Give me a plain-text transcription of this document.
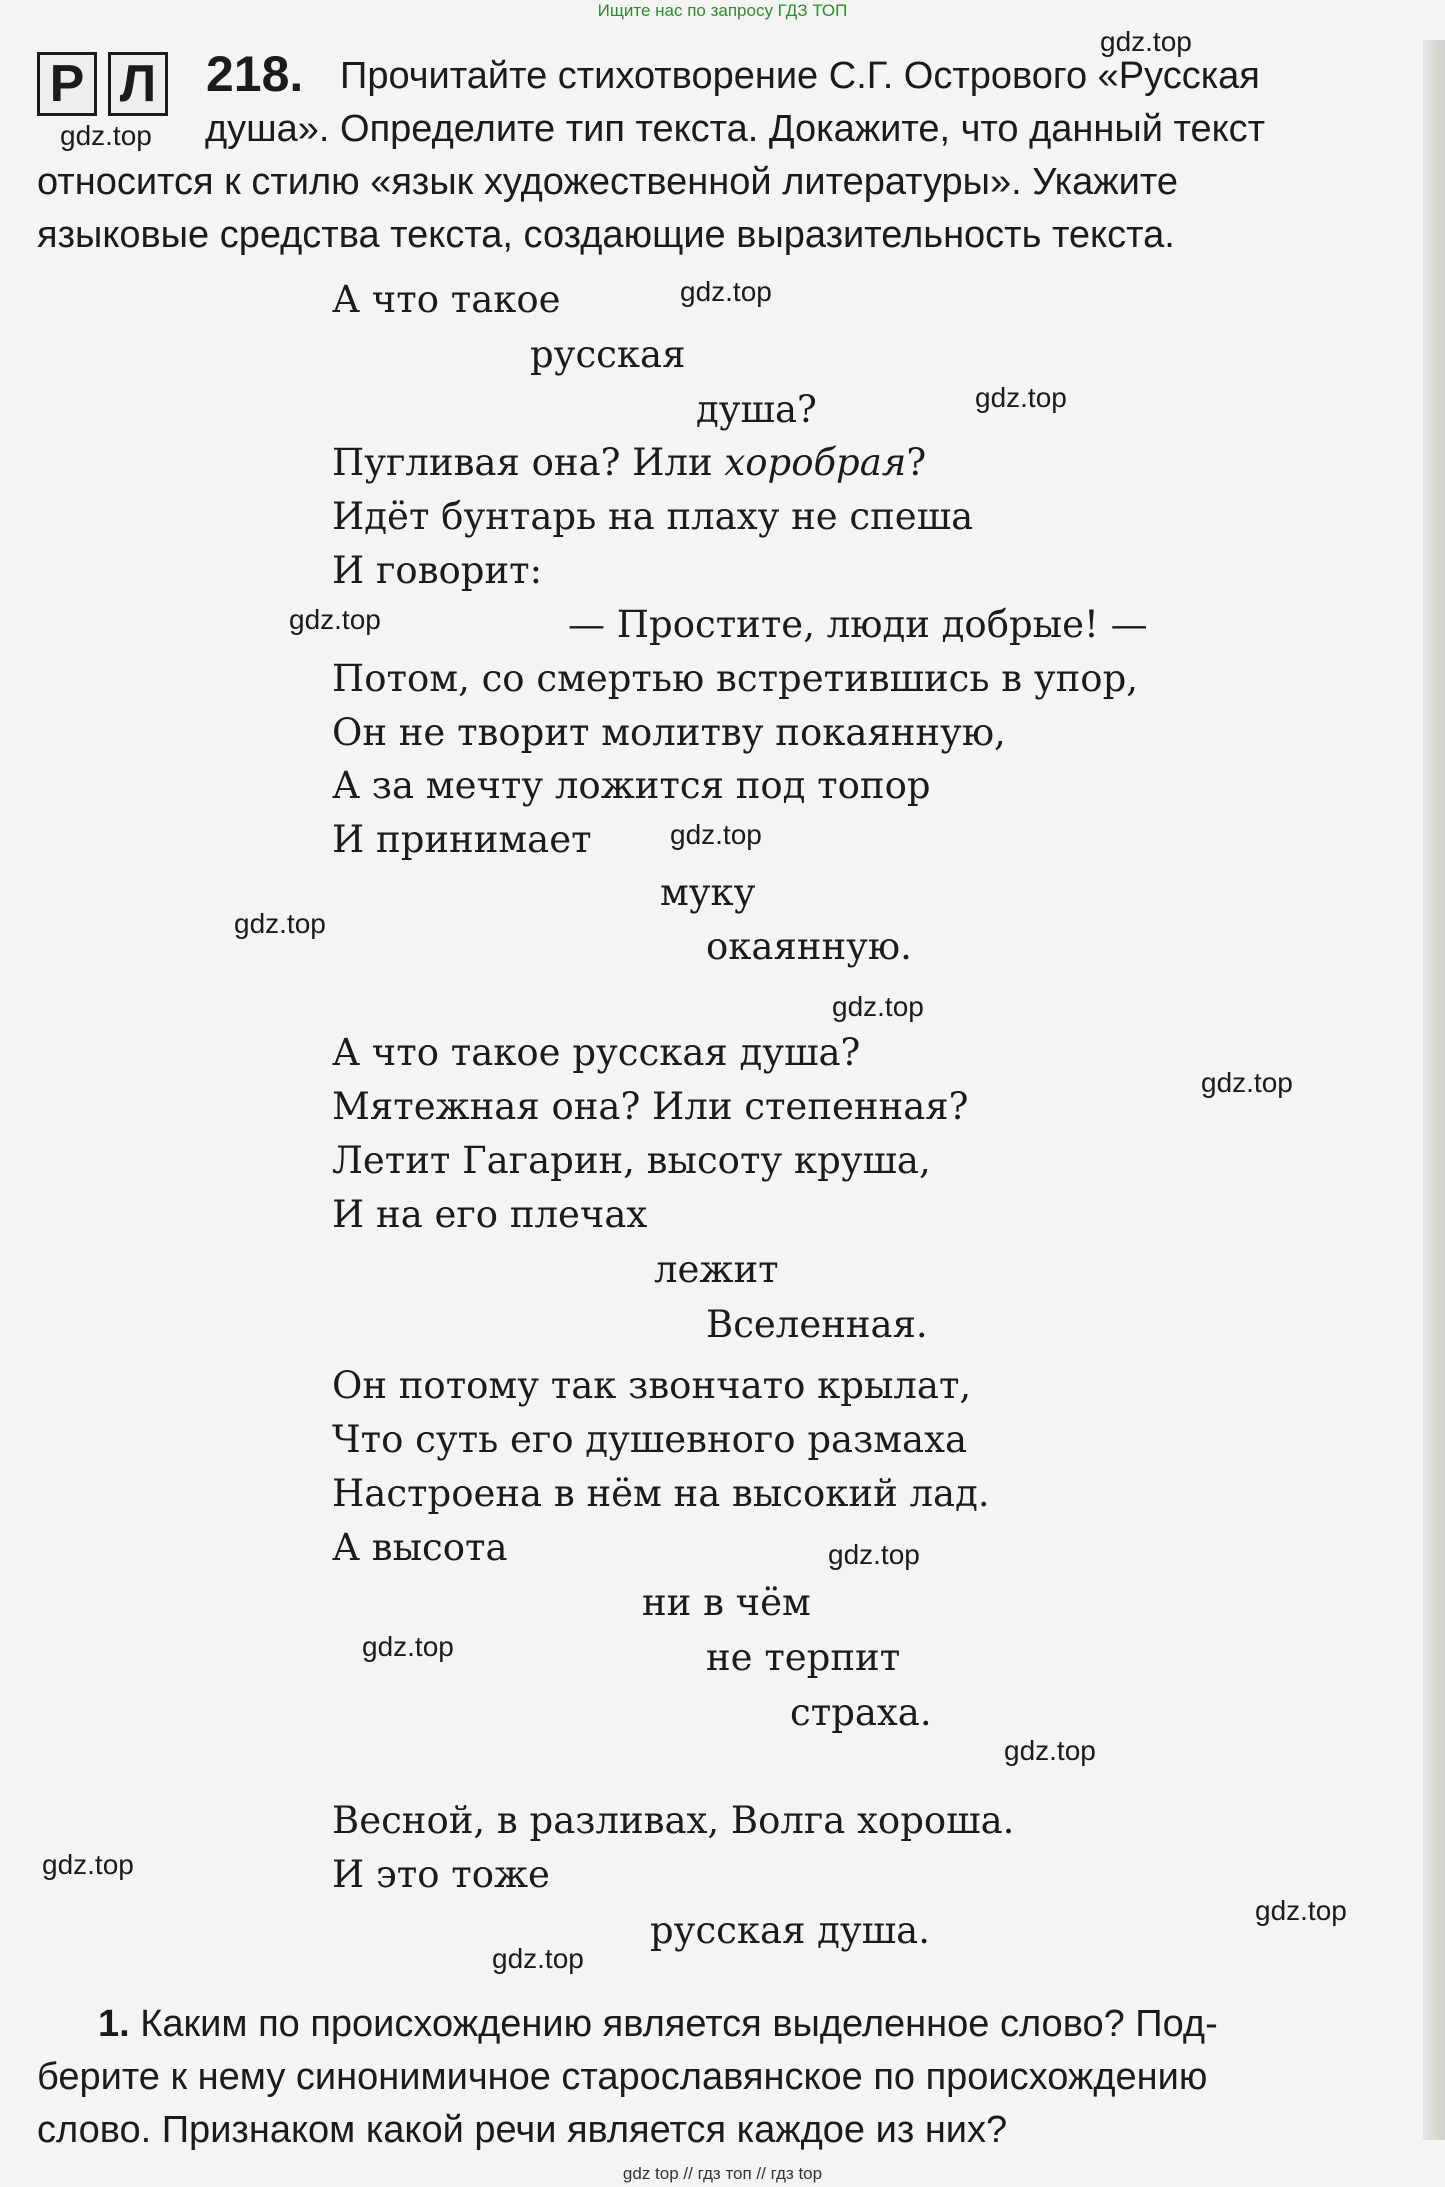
Ищите нас по запросу ГДЗ ТОП
Р Л 218. Прочитайте стихотворение С.Г. Острового «Русская
душа». Определите тип текста. Докажите, что данный текст
относится к стилю «язык художественной литературы». Укажите
языковые средства текста, создающие выразительность текста.
А что такое
русская
душа?
Пугливая она? Или хоробрая?
Идёт бунтарь на плаху не спеша
И говорит:
— Простите, люди добрые! —
Потом, со смертью встретившись в упор,
Он не творит молитву покаянную,
А за мечту ложится под топор
И принимает
муку
окаянную.
А что такое русская душа?
Мятежная она? Или степенная?
Летит Гагарин, высоту круша,
И на его плечах
лежит
Вселенная.
Он потому так звончато крылат,
Что суть его душевного размаха
Настроена в нём на высокий лад.
А высота
ни в чём
не терпит
страха.
Весной, в разливах, Волга хороша.
И это тоже
русская душа.
1. Каким по происхождению является выделенное слово? Под-
берите к нему синонимичное старославянское по происхождению
слово. Признаком какой речи является каждое из них?
gdz.top
gdz.top
gdz.top
gdz.top
gdz.top
gdz.top
gdz.top
gdz.top
gdz.top
gdz.top
gdz.top
gdz.top
gdz.top
gdz.top
gdz.top
gdz top // гдз топ // гдз top
